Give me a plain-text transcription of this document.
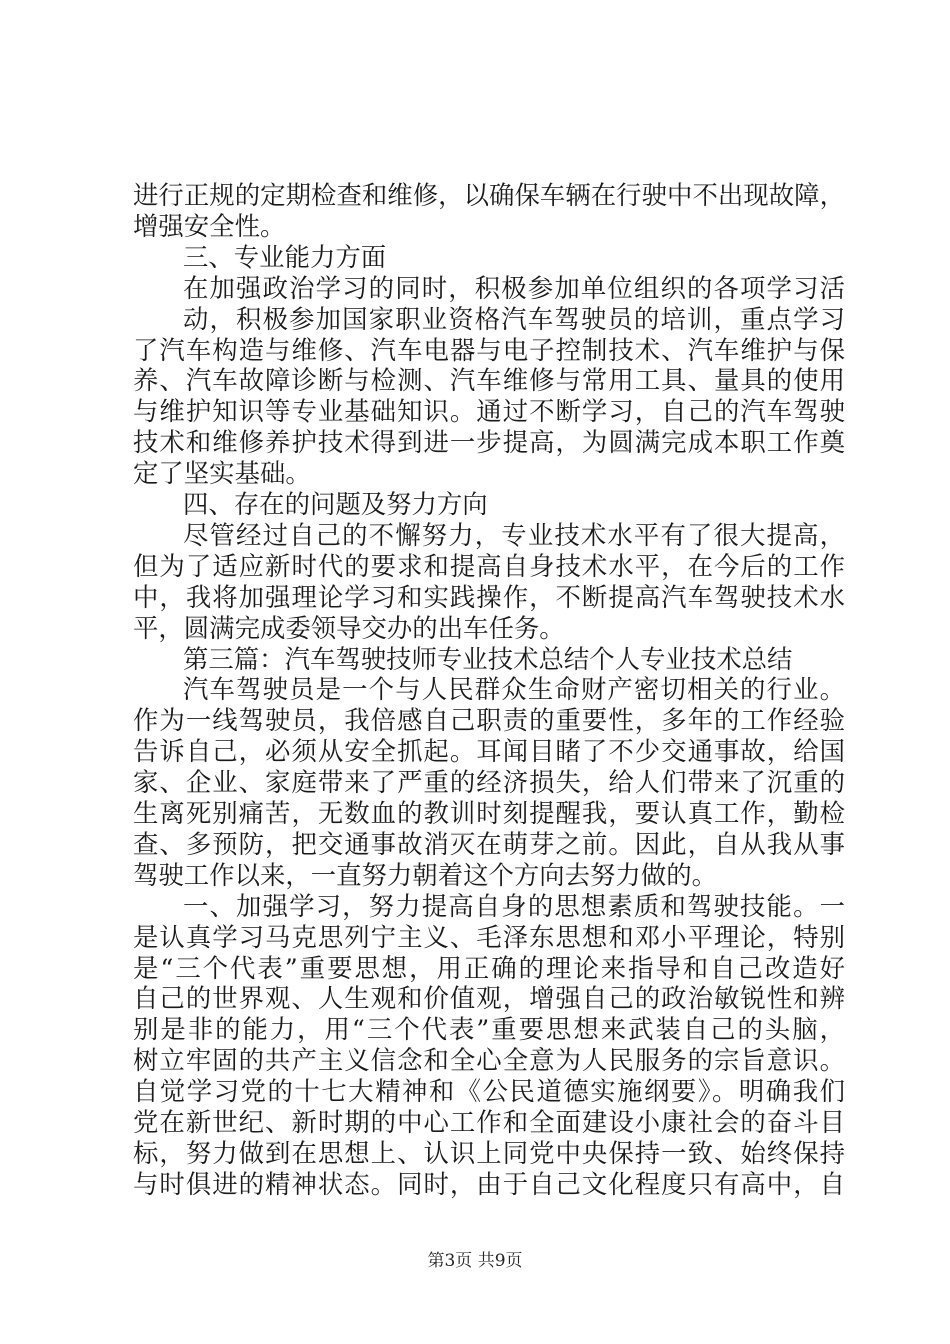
进行正规的定期检查和维修，以确保车辆在行驶中不出现故障，
增强安全性。
三、专业能力方面
在加强政治学习的同时，积极参加单位组织的各项学习活
动，积极参加国家职业资格汽车驾驶员的培训，重点学习
了汽车构造与维修、汽车电器与电子控制技术、汽车维护与保
养、汽车故障诊断与检测、汽车维修与常用工具、量具的使用
与维护知识等专业基础知识。通过不断学习，自己的汽车驾驶
技术和维修养护技术得到进一步提高，为圆满完成本职工作奠
定了坚实基础。
四、存在的问题及努力方向
尽管经过自己的不懈努力，专业技术水平有了很大提高，
但为了适应新时代的要求和提高自身技术水平，在今后的工作
中，我将加强理论学习和实践操作，不断提高汽车驾驶技术水
平，圆满完成委领导交办的出车任务。
第三篇：汽车驾驶技师专业技术总结个人专业技术总结
汽车驾驶员是一个与人民群众生命财产密切相关的行业。
作为一线驾驶员，我倍感自己职责的重要性，多年的工作经验
告诉自己，必须从安全抓起。耳闻目睹了不少交通事故，给国
家、企业、家庭带来了严重的经济损失，给人们带来了沉重的
生离死别痛苦，无数血的教训时刻提醒我，要认真工作，勤检
查、多预防，把交通事故消灭在萌芽之前。因此，自从我从事
驾驶工作以来，一直努力朝着这个方向去努力做的。
一、加强学习，努力提高自身的思想素质和驾驶技能。一
是认真学习马克思列宁主义、毛泽东思想和邓小平理论，特别
是“三个代表”重要思想，用正确的理论来指导和自己改造好
自己的世界观、人生观和价值观，增强自己的政治敏锐性和辨
别是非的能力，用“三个代表”重要思想来武装自己的头脑，
树立牢固的共产主义信念和全心全意为人民服务的宗旨意识。
自觉学习党的十七大精神和《公民道德实施纲要》。明确我们
党在新世纪、新时期的中心工作和全面建设小康社会的奋斗目
标，努力做到在思想上、认识上同党中央保持一致、始终保持
与时俱进的精神状态。同时，由于自己文化程度只有高中，自
第3页 共9页
